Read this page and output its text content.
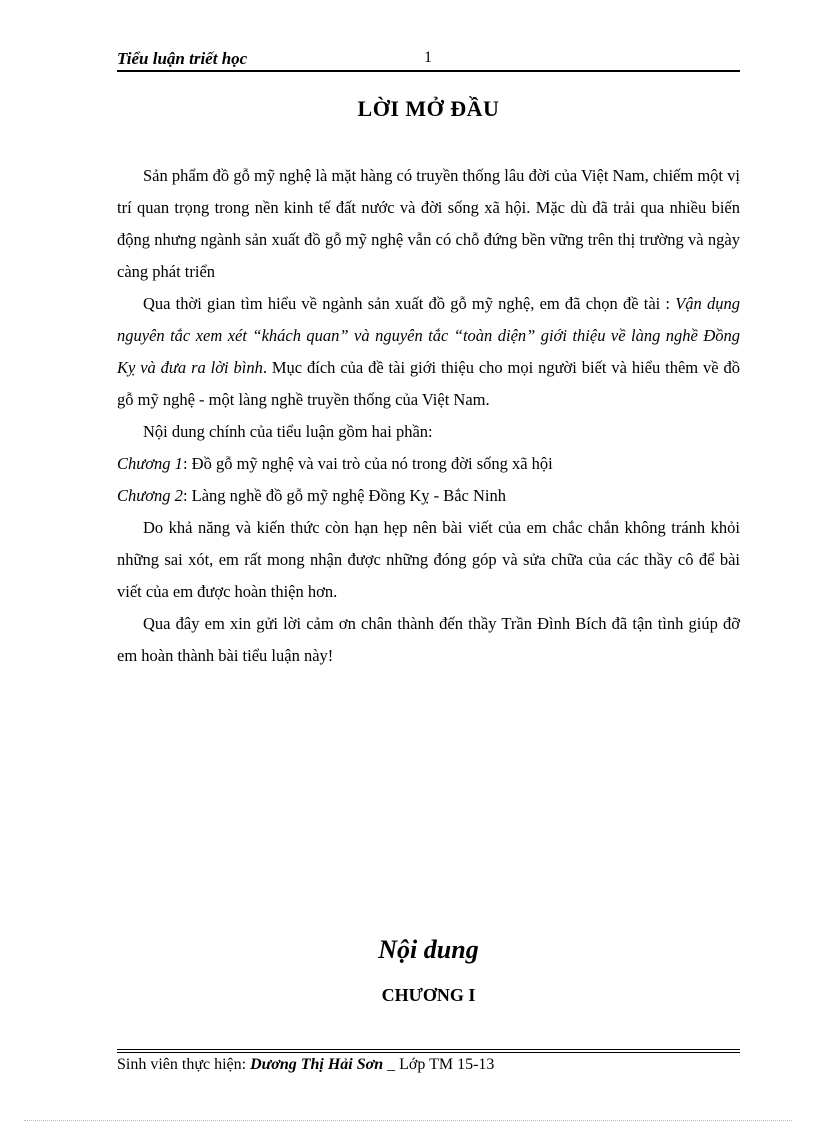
Tiểu luận triết học	1
LỜI MỞ ĐẦU

Sản phẩm đồ gỗ mỹ nghệ là mặt hàng có truyền thống lâu đời của Việt Nam, chiếm một vị trí quan trọng trong nền kinh tế đất nước và đời sống xã hội. Mặc dù đã trải qua nhiều biến động nhưng ngành sản xuất đồ gỗ mỹ nghệ vẫn có chỗ đứng bền vững trên thị trường và ngày càng phát triển

Qua thời gian tìm hiểu về ngành sản xuất đồ gỗ mỹ nghệ, em đã chọn đề tài : Vận dụng nguyên tắc xem xét “khách quan” và nguyên tắc “toàn diện” giới thiệu về làng nghề Đồng Kỵ và đưa ra lời bình. Mục đích của đề tài giới thiệu cho mọi người biết và hiểu thêm về đồ gỗ mỹ nghệ - một làng nghề truyền thống của Việt Nam.

Nội dung chính của tiểu luận gồm hai phần:

Chương 1: Đồ gỗ mỹ nghệ và vai trò của nó trong đời sống xã hội

Chương 2: Làng nghề đồ gỗ mỹ nghệ Đồng Kỵ - Bắc Ninh

Do khả năng và kiến thức còn hạn hẹp nên bài viết của em chắc chắn không tránh khỏi những sai xót, em rất mong nhận được những đóng góp và sửa chữa của các thầy cô để bài viết của em được hoàn thiện hơn.

Qua đây em xin gửi lời cảm ơn chân thành đến thầy Trần Đình Bích đã tận tình giúp đỡ em hoàn thành bài tiểu luận này!

Nội dung
CHƯƠNG I
Sinh viên thực hiện: Dương Thị Hải Sơn _ Lớp TM 15-13
